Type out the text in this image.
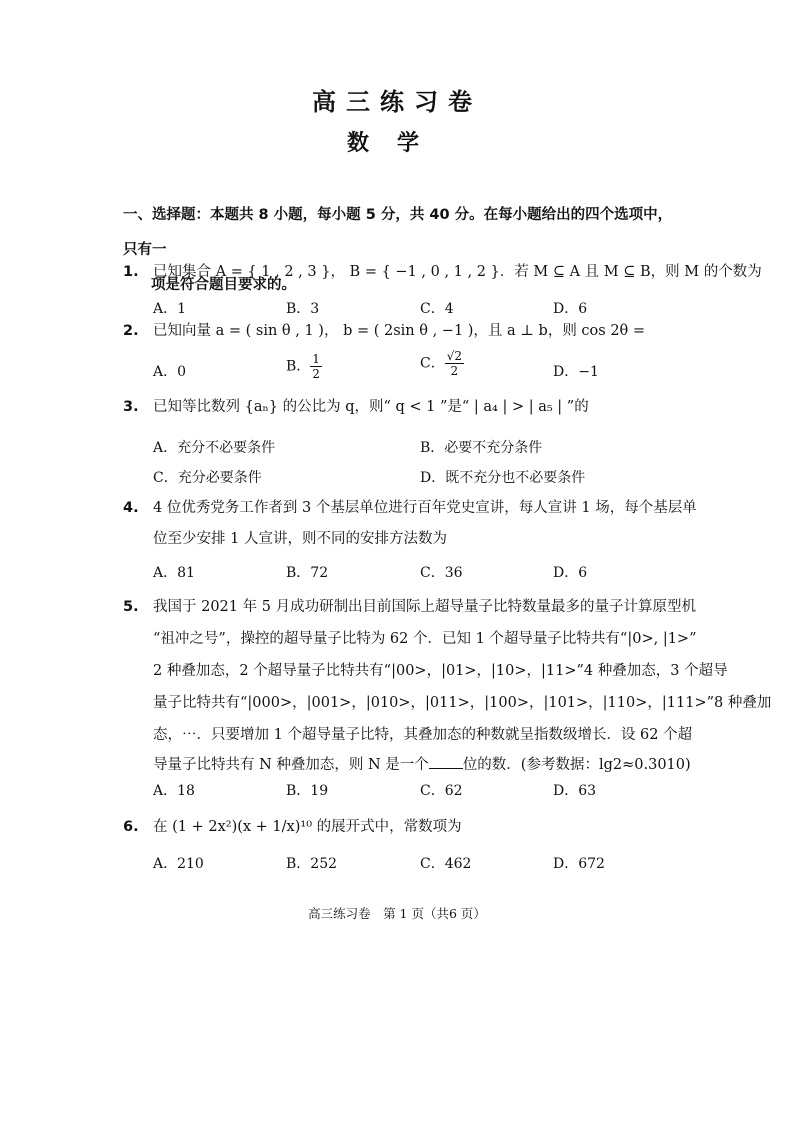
高三练习卷
数学
一、选择题：本题共 8 小题，每小题 5 分，共 40 分。在每小题给出的四个选项中，只有一
项是符合题目要求的。
1. 已知集合 A = { 1 , 2 , 3 }， B = { −1 , 0 , 1 , 2 }．若 M ⊆ A 且 M ⊆ B，则 M 的个数为
A．1	B．3	C．4	D．6
2. 已知向量 a = ( sin θ , 1 )， b = ( 2sin θ , −1 )，且 a ⊥ b，则 cos 2θ =
A．0	B． $\frac{1}{2}$	C． $\frac{√2}{2}$	D．−1
3. 已知等比数列 {aₙ} 的公比为 q，则“ q < 1 ”是“ | a₄ | > | a₅ | ”的
A．充分不必要条件	B．必要不充分条件
C．充分必要条件	D．既不充分也不必要条件
4. 4 位优秀党务工作者到 3 个基层单位进行百年党史宣讲，每人宣讲 1 场，每个基层单
位至少安排 1 人宣讲，则不同的安排方法数为
A．81	B．72	C．36	D．6
5. 我国于 2021 年 5 月成功研制出目前国际上超导量子比特数量最多的量子计算原型机
“祖冲之号”，操控的超导量子比特为 62 个．已知 1 个超导量子比特共有“|0>, |1>”
2 种叠加态，2 个超导量子比特共有“|00>，|01>，|10>，|11>”4 种叠加态，3 个超导
量子比特共有“|000>，|001>，|010>，|011>，|100>，|101>，|110>，|111>”8 种叠加
态，⋯．只要增加 1 个超导量子比特，其叠加态的种数就呈指数级增长．设 62 个超
导量子比特共有 N 种叠加态，则 N 是一个 位的数．(参考数据：lg2≈0.3010)
A．18	B．19	C．62	D．63
6. 在 (1 + 2x²)(x + 1/x)¹⁰ 的展开式中，常数项为
A．210	B．252	C．462	D．672
高三练习卷　第 1 页（共6 页）
